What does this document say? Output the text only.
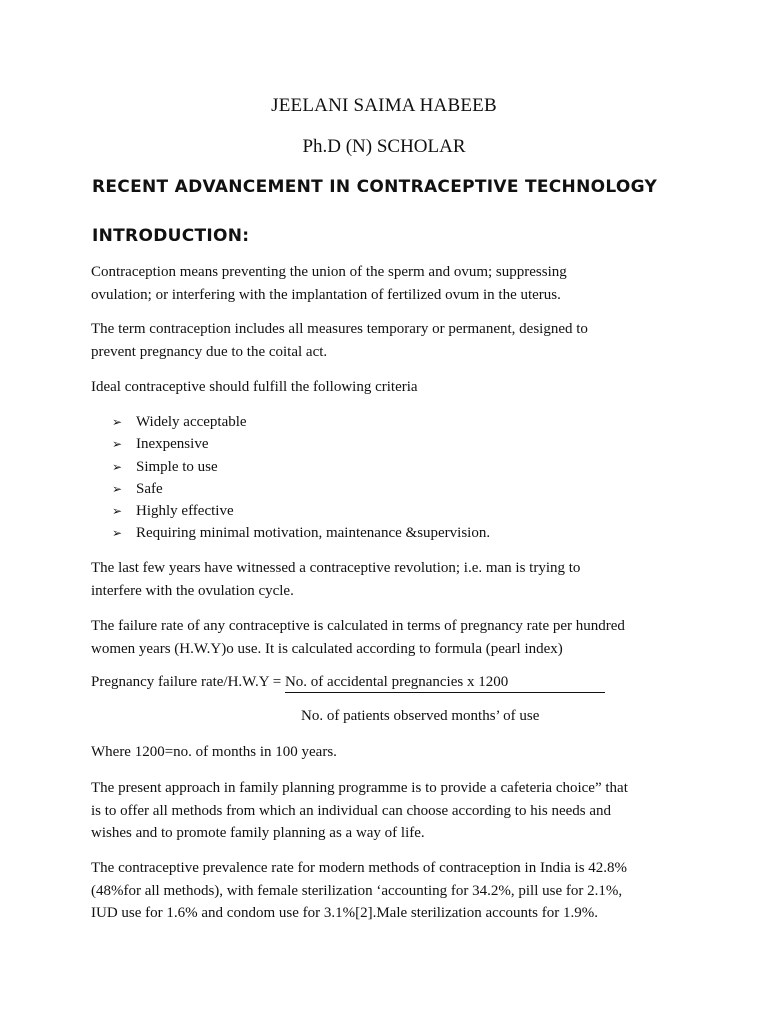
JEELANI SAIMA HABEEB
Ph.D (N) SCHOLAR
RECENT ADVANCEMENT IN CONTRACEPTIVE TECHNOLOGY
INTRODUCTION:
Contraception means preventing the union of the sperm and ovum; suppressing
ovulation; or interfering with the implantation of fertilized ovum in the uterus.
The term contraception includes all measures temporary or permanent, designed to
prevent pregnancy due to the coital act.
Ideal contraceptive should fulfill the following criteria
➢ Widely acceptable
➢ Inexpensive
➢ Simple to use
➢ Safe
➢ Highly effective
➢ Requiring minimal motivation, maintenance &supervision.
The last few years have witnessed a contraceptive revolution; i.e. man is trying to
interfere with the ovulation cycle.
The failure rate of any contraceptive is calculated in terms of pregnancy rate per hundred
women years (H.W.Y)o use. It is calculated according to formula (pearl index)
Pregnancy failure rate/H.W.Y = No. of accidental pregnancies x 1200
No. of patients observed months’ of use
Where 1200=no. of months in 100 years.
The present approach in family planning programme is to provide a cafeteria choice” that
is to offer all methods from which an individual can choose according to his needs and
wishes and to promote family planning as a way of life.
The contraceptive prevalence rate for modern methods of contraception in India is 42.8%
(48%for all methods), with female sterilization ‘accounting for 34.2%, pill use for 2.1%,
IUD use for 1.6% and condom use for 3.1%[2].Male sterilization accounts for 1.9%.
